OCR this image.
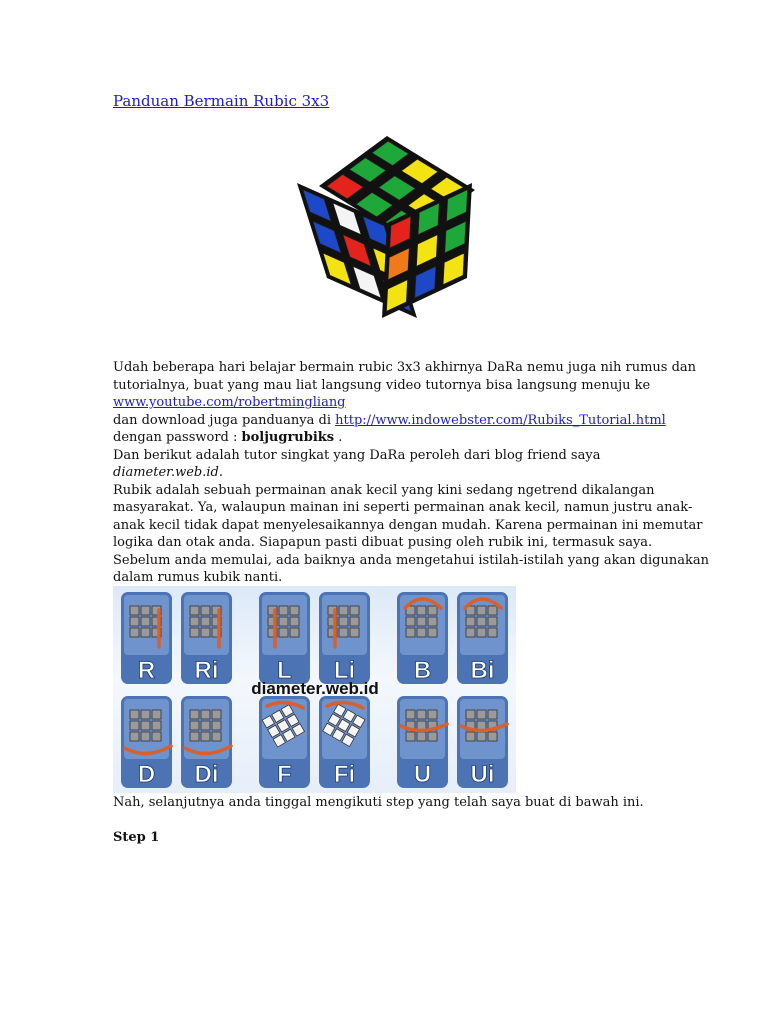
Panduan Bermain Rubic 3x3
Udah beberapa hari belajar bermain rubic 3x3 akhirnya DaRa nemu juga nih rumus dan
tutorialnya, buat yang mau liat langsung video tutornya bisa langsung menuju ke
www.youtube.com/robertmingliang
dan download juga panduanya di http://www.indowebster.com/Rubiks_Tutorial.html
dengan password : boljugrubiks .
Dan berikut adalah tutor singkat yang DaRa peroleh dari blog friend saya
diameter.web.id.
Rubik adalah sebuah permainan anak kecil yang kini sedang ngetrend dikalangan
masyarakat. Ya, walaupun mainan ini seperti permainan anak kecil, namun justru anak-
anak kecil tidak dapat menyelesaikannya dengan mudah. Karena permainan ini memutar
logika dan otak anda. Siapapun pasti dibuat pusing oleh rubik ini, termasuk saya.
Sebelum anda memulai, ada baiknya anda mengetahui istilah-istilah yang akan digunakan
dalam rumus kubik nanti.
Ui
U
Fi
F
Di
D
Bi
B
Li
L
Ri
R
diameter.web.id
Nah, selanjutnya anda tinggal mengikuti step yang telah saya buat di bawah ini.
Step 1
